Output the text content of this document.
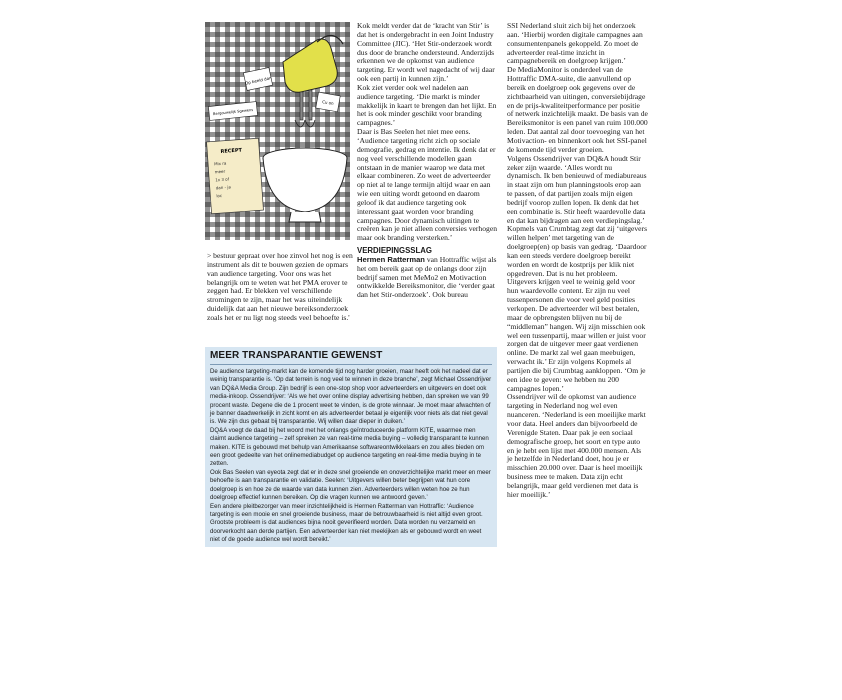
Op beeld dan
Bergouwelijk Sgewens
Cu on
RECEPT
Mix ra
meer
1x 3 of
dan - ja
loc

Kok meldt verder dat de ‘kracht van Stir’ is dat het is ondergebracht in een Joint Industry Committee (JIC). ‘Het Stir-onderzoek wordt dus door de branche ondersteund. Anderzijds erkennen we de opkomst van audience targeting. Er wordt wel nagedacht of wij daar ook een partij in kunnen zijn.’

Kok ziet verder ook wel nadelen aan audience targeting. ‘Die markt is minder makkelijk in kaart te brengen dan het lijkt. En het is ook minder geschikt voor branding campagnes.’

Daar is Bas Seelen het niet mee eens. ‘Audience targeting richt zich op sociale demografie, gedrag en intentie. Ik denk dat er nog veel verschillende modellen gaan ontstaan in de manier waarop we data met elkaar combineren. Zo weet de adverteerder op niet al te lange termijn altijd waar en aan wie een uiting wordt getoond en daarom geloof ik dat audience targeting ook interessant gaat worden voor branding campagnes. Door dynamisch uitingen te creëren kan je niet alleen conversies verhogen maar ook branding versterken.’

VERDIEPINGSSLAG

Hermen Ratterman van Hottraffic wijst als het om bereik gaat op de onlangs door zijn bedrijf samen met MeMo2 en Motivaction ontwikkelde Bereiksmonitor, die ‘verder gaat dan het Stir-onderzoek’. Ook bureau

> bestuur gepraat over hoe zinvol het nog is een instrument als dit te bouwen gezien de opmars van audience targeting. Voor ons was het belangrijk om te weten wat het PMA erover te zeggen had. Er blekken vel verschillende stromingen te zijn, maar het was uiteindelijk duidelijk dat aan het nieuwe bereiksonderzoek zoals het er nu ligt nog steeds veel behoefte is.'

SSI Nederland sluit zich bij het onderzoek aan. ‘Hierbij worden digitale campagnes aan consumentenpanels gekoppeld. Zo moet de adverteerder real-time inzicht in campagnebereik en doelgroep krijgen.’

De MediaMonitor is onderdeel van de Hottraffic DMA-suite, die aanvullend op bereik en doelgroep ook gegevens over de zichtbaarheid van uitingen, conversiebijdrage en de prijs-kwaliteitperformance per positie of netwerk inzichtelijk maakt. De basis van de Bereiksmonitor is een panel van ruim 100.000 leden. Dat aantal zal door toevoeging van het Motivaction- en binnenkort ook het SSI-panel de komende tijd verder groeien.

Volgens Ossendrijver van DQ&A houdt Stir zeker zijn waarde. ‘Alles wordt nu dynamisch. Ik ben benieuwd of mediabureaus in staat zijn om hun planningstools erop aan te passen, of dat partijen zoals mijn eigen bedrijf voorop zullen lopen. Ik denk dat het een combinatie is. Stir heeft waardevolle data en dat kan bijdragen aan een verdiepingslag.’

Kopmels van Crumbtag zegt dat zij ‘uitgevers willen helpen’ met targeting van de doelgroep(en) op basis van gedrag. ‘Daardoor kan een steeds verdere doelgroep bereikt worden en wordt de kostprijs per klik niet opgedreven. Dat is nu het probleem. Uitgevers krijgen veel te weinig geld voor hun waardevolle content. Er zijn nu veel tussenpersonen die voor veel geld posities verkopen. De adverteerder wil best betalen, maar de opbrengsten blijven nu bij de “middleman” hangen. Wij zijn misschien ook wel een tussenpartij, maar willen er juist voor zorgen dat de uitgever meer gaat verdienen online. De markt zal wel gaan meebuigen, verwacht ik.’ Er zijn volgens Kopmels al partijen die bij Crumbtag aankloppen. ‘Om je een idee te geven: we hebben nu 200 campagnes lopen.’

Ossendrijver wil de opkomst van audience targeting in Nederland nog wel even nuanceren. ‘Nederland is een moeilijke markt voor data. Heel anders dan bijvoorbeeld de Verenigde Staten. Daar pak je een sociaal demografische groep, het soort en type auto en je hebt een lijst met 400.000 mensen. Als je hetzelfde in Nederland doet, hou je er misschien 20.000 over. Daar is heel moeilijk business mee te maken. Data zijn echt belangrijk, maar geld verdienen met data is hier moeilijk.’

MEER TRANSPARANTIE GEWENST

De audience targeting-markt kan de komende tijd nog harder groeien, maar heeft ook het nadeel dat er weinig transparantie is. ‘Op dat terrein is nog veel te winnen in deze branche’, zegt Michael Ossendrijver van DQ&A Media Group. Zijn bedrijf is een one-stop shop voor adverteerders en uitgevers en doet ook media-inkoop. Ossendrijver: ‘Als we het over online display advertising hebben, dan spreken we van 99 procent waste. Degene die de 1 procent weet te vinden, is de grote winnaar. Je moet maar afwachten of je banner daadwerkelijk in zicht komt en als adverteerder betaal je eigenlijk voor niets als dat niet geval is. We zijn dus gebaat bij transparantie. Wij willen daar dieper in duiken.’

DQ&A voegt de daad bij het woord met het onlangs geïntroduceerde platform KITE, waarmee men claimt audience targeting – zelf spreken ze van real-time media buying – volledig transparant te kunnen maken. KITE is gebouwd met behulp van Amerikaanse softwareontwikkelaars en zou alles bieden om een groot gedeelte van het onlinemediabudget op audience targeting en real-time media buying in te zetten.

Ook Bas Seelen van eyeota zegt dat er in deze snel groeiende en onoverzichtelijke markt meer en meer behoefte is aan transparantie en validatie. Seelen: ‘Uitgevers willen beter begrijpen wat hun core doelgroep is en hoe ze de waarde van data kunnen zien. Adverteerders willen weten hoe ze hun doelgroep effectief kunnen bereiken. Op die vragen kunnen we antwoord geven.’

Een andere pleitbezorger van meer inzichtelijkheid is Hermen Ratterman van Hottraffic: ‘Audience targeting is een mooie en snel groeiende business, maar de betrouwbaarheid is niet altijd even groot. Grootste probleem is dat audiences bijna nooit geverifieerd worden. Data worden nu verzameld en doorverkocht aan derde partijen. Een adverteerder kan niet meekijken als er gebouwd wordt en weet niet of de goede audience wel wordt bereikt.’
